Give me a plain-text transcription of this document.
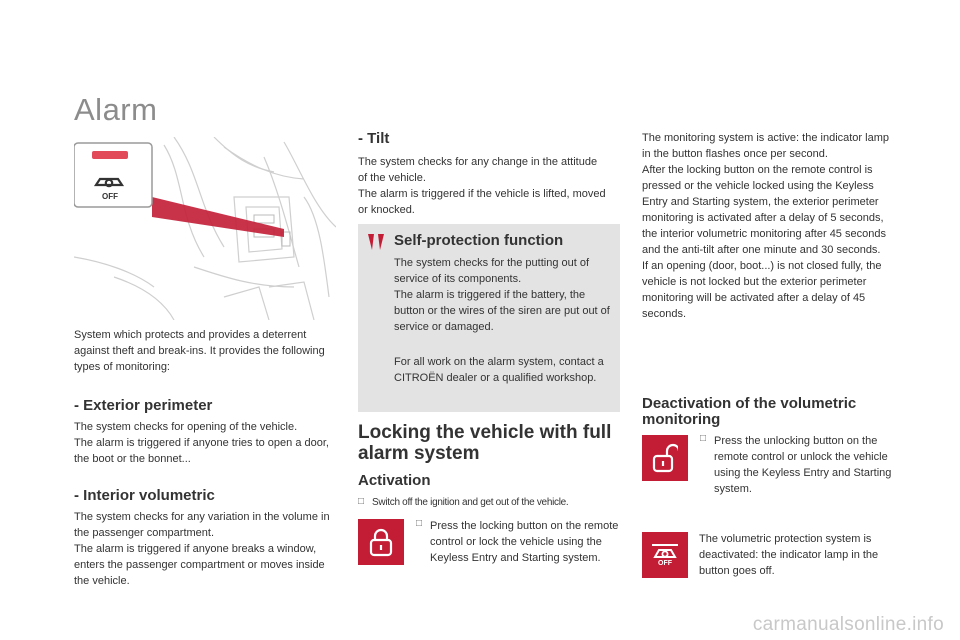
Alarm
OFF
System which protects and provides a deterrent against theft and break-ins. It provides the following types of monitoring:
- Exterior perimeter
The system checks for opening of the vehicle.
The alarm is triggered if anyone tries to open a door, the boot or the bonnet...
- Interior volumetric
The system checks for any variation in the volume in the passenger compartment.
The alarm is triggered if anyone breaks a window, enters the passenger compartment or moves inside the vehicle.
- Tilt
The system checks for any change in the attitude of the vehicle.
The alarm is triggered if the vehicle is lifted, moved or knocked.
Self-protection function
The system checks for the putting out of service of its components.
The alarm is triggered if the battery, the button or the wires of the siren are put out of service or damaged.
For all work on the alarm system, contact a CITROËN dealer or a qualified workshop.
Locking the vehicle with full alarm system
Activation
□ Switch off the ignition and get out of the vehicle.
□ Press the locking button on the remote control or lock the vehicle using the Keyless Entry and Starting system.
The monitoring system is active: the indicator lamp in the button flashes once per second.
After the locking button on the remote control is pressed or the vehicle locked using the Keyless Entry and Starting system, the exterior perimeter monitoring is activated after a delay of 5 seconds, the interior volumetric monitoring after 45 seconds and the anti-tilt after one minute and 30 seconds.
If an opening (door, boot...) is not closed fully, the vehicle is not locked but the exterior perimeter monitoring will be activated after a delay of 45 seconds.
Deactivation of the volumetric monitoring
□ Press the unlocking button on the remote control or unlock the vehicle using the Keyless Entry and Starting system.
OFF
The volumetric protection system is deactivated: the indicator lamp in the button goes off.
carmanualsonline.info
